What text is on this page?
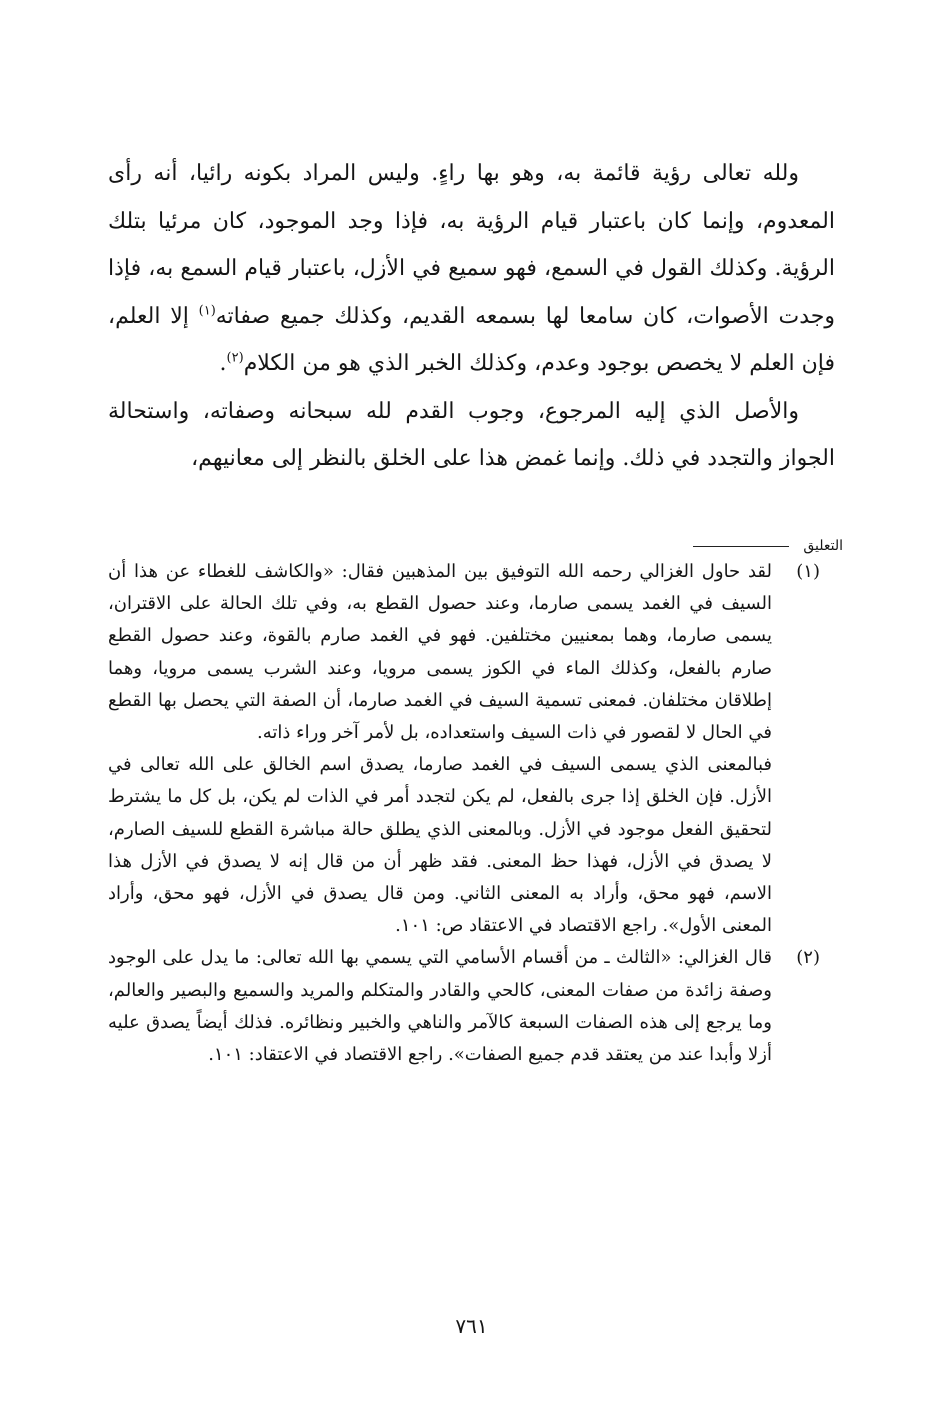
ولله تعالى رؤية قائمة به، وهو بها راءٍ. وليس المراد بكونه رائيا، أنه رأى المعدوم، وإنما كان باعتبار قيام الرؤية به، فإذا وجد الموجود، كان مرئيا بتلك الرؤية. وكذلك القول في السمع، فهو سميع في الأزل، باعتبار قيام السمع به، فإذا وجدت الأصوات، كان سامعا لها بسمعه القديم، وكذلك جميع صفاته$^{(١)}$ إلا العلم، فإن العلم لا يخصص بوجود وعدم، وكذلك الخبر الذي هو من الكلام$^{(٢)}$.

والأصل الذي إليه المرجوع، وجوب القدم لله سبحانه وصفاته، واستحالة الجواز والتجدد في ذلك. وإنما غمض هذا على الخلق بالنظر إلى معانيهم،

التعليق
(١)

لقد حاول الغزالي رحمه الله التوفيق بين المذهبين فقال: «والكاشف للغطاء عن هذا أن السيف في الغمد يسمى صارما، وعند حصول القطع به، وفي تلك الحالة على الاقتران، يسمى صارما، وهما بمعنيين مختلفين. فهو في الغمد صارم بالقوة، وعند حصول القطع صارم بالفعل، وكذلك الماء في الكوز يسمى مرويا، وعند الشرب يسمى مرويا، وهما إطلاقان مختلفان. فمعنى تسمية السيف في الغمد صارما، أن الصفة التي يحصل بها القطع في الحال لا لقصور في ذات السيف واستعداده، بل لأمر آخر وراء ذاته.

فبالمعنى الذي يسمى السيف في الغمد صارما، يصدق اسم الخالق على الله تعالى في الأزل. فإن الخلق إذا جرى بالفعل، لم يكن لتجدد أمر في الذات لم يكن، بل كل ما يشترط لتحقيق الفعل موجود في الأزل. وبالمعنى الذي يطلق حالة مباشرة القطع للسيف الصارم، لا يصدق في الأزل، فهذا حظ المعنى. فقد ظهر أن من قال إنه لا يصدق في الأزل هذا الاسم، فهو محق، وأراد به المعنى الثاني. ومن قال يصدق في الأزل، فهو محق، وأراد المعنى الأول». راجع الاقتصاد في الاعتقاد ص: ١٠١.

(٢)

قال الغزالي: «الثالث ـ من أقسام الأسامي التي يسمي بها الله تعالى: ما يدل على الوجود وصفة زائدة من صفات المعنى، كالحي والقادر والمتكلم والمريد والسميع والبصير والعالم، وما يرجع إلى هذه الصفات السبعة كالآمر والناهي والخبير ونظائره. فذلك أيضاً يصدق عليه أزلا وأبدا عند من يعتقد قدم جميع الصفات». راجع الاقتصاد في الاعتقاد: ١٠١.

٧٦١
